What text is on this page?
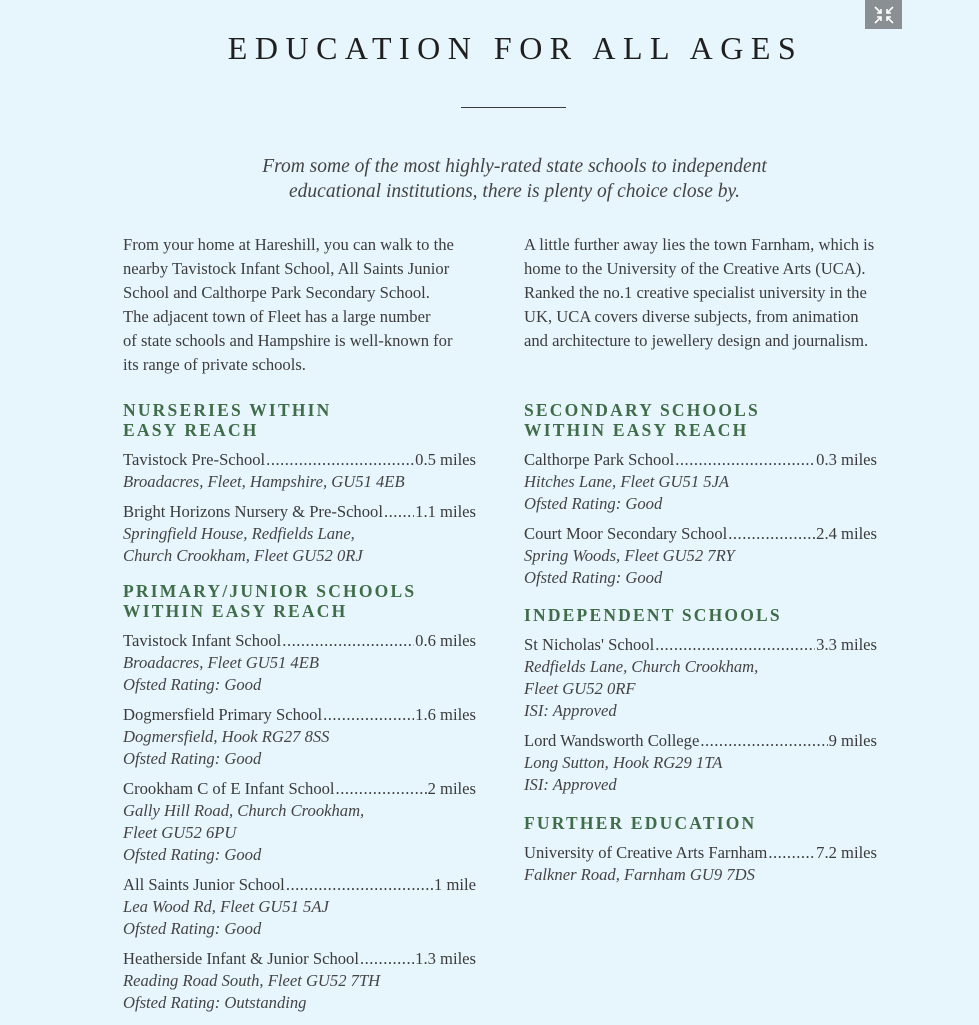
EDUCATION FOR ALL AGES

From some of the most highly-rated state schools to independent
educational institutions, there is plenty of choice close by.

From your home at Hareshill, you can walk to the
nearby Tavistock Infant School, All Saints Junior
School and Calthorpe Park Secondary School.
The adjacent town of Fleet has a large number
of state schools and Hampshire is well-known for
its range of private schools.

NURSERIES WITHIN
EASY REACH
Tavistock Pre-School .....	0.5 miles
Broadacres, Fleet, Hampshire, GU51 4EB
Bright Horizons Nursery & Pre-School ..... 1.1 miles
Springfield House, Redfields Lane,
Church Crookham, Fleet GU52 0RJ
PRIMARY/JUNIOR SCHOOLS
WITHIN EASY REACH
Tavistock Infant School .....	0.6 miles
Broadacres, Fleet GU51 4EB
Ofsted Rating: Good
Dogmersfield Primary School .....	1.6 miles
Dogmersfield, Hook RG27 8SS
Ofsted Rating: Good
Crookham C of E Infant School .....	2 miles
Gally Hill Road, Church Crookham,
Fleet GU52 6PU
Ofsted Rating: Good
All Saints Junior School .....	1 mile
Lea Wood Rd, Fleet GU51 5AJ
Ofsted Rating: Good
Heatherside Infant & Junior School .....	1.3 miles
Reading Road South, Fleet GU52 7TH
Ofsted Rating: Outstanding

A little further away lies the town Farnham, which is
home to the University of the Creative Arts (UCA).
Ranked the no.1 creative specialist university in the
UK, UCA covers diverse subjects, from animation
and architecture to jewellery design and journalism.

SECONDARY SCHOOLS
WITHIN EASY REACH
Calthorpe Park School .....	0.3 miles
Hitches Lane, Fleet GU51 5JA
Ofsted Rating: Good
Court Moor Secondary School .....	2.4 miles
Spring Woods, Fleet GU52 7RY
Ofsted Rating: Good
INDEPENDENT SCHOOLS
St Nicholas' School .....	3.3 miles
Redfields Lane, Church Crookham,
Fleet GU52 0RF
ISI: Approved
Lord Wandsworth College .....	9 miles
Long Sutton, Hook RG29 1TA
ISI: Approved
FURTHER EDUCATION
University of Creative Arts Farnham .....	7.2 miles
Falkner Road, Farnham GU9 7DS
